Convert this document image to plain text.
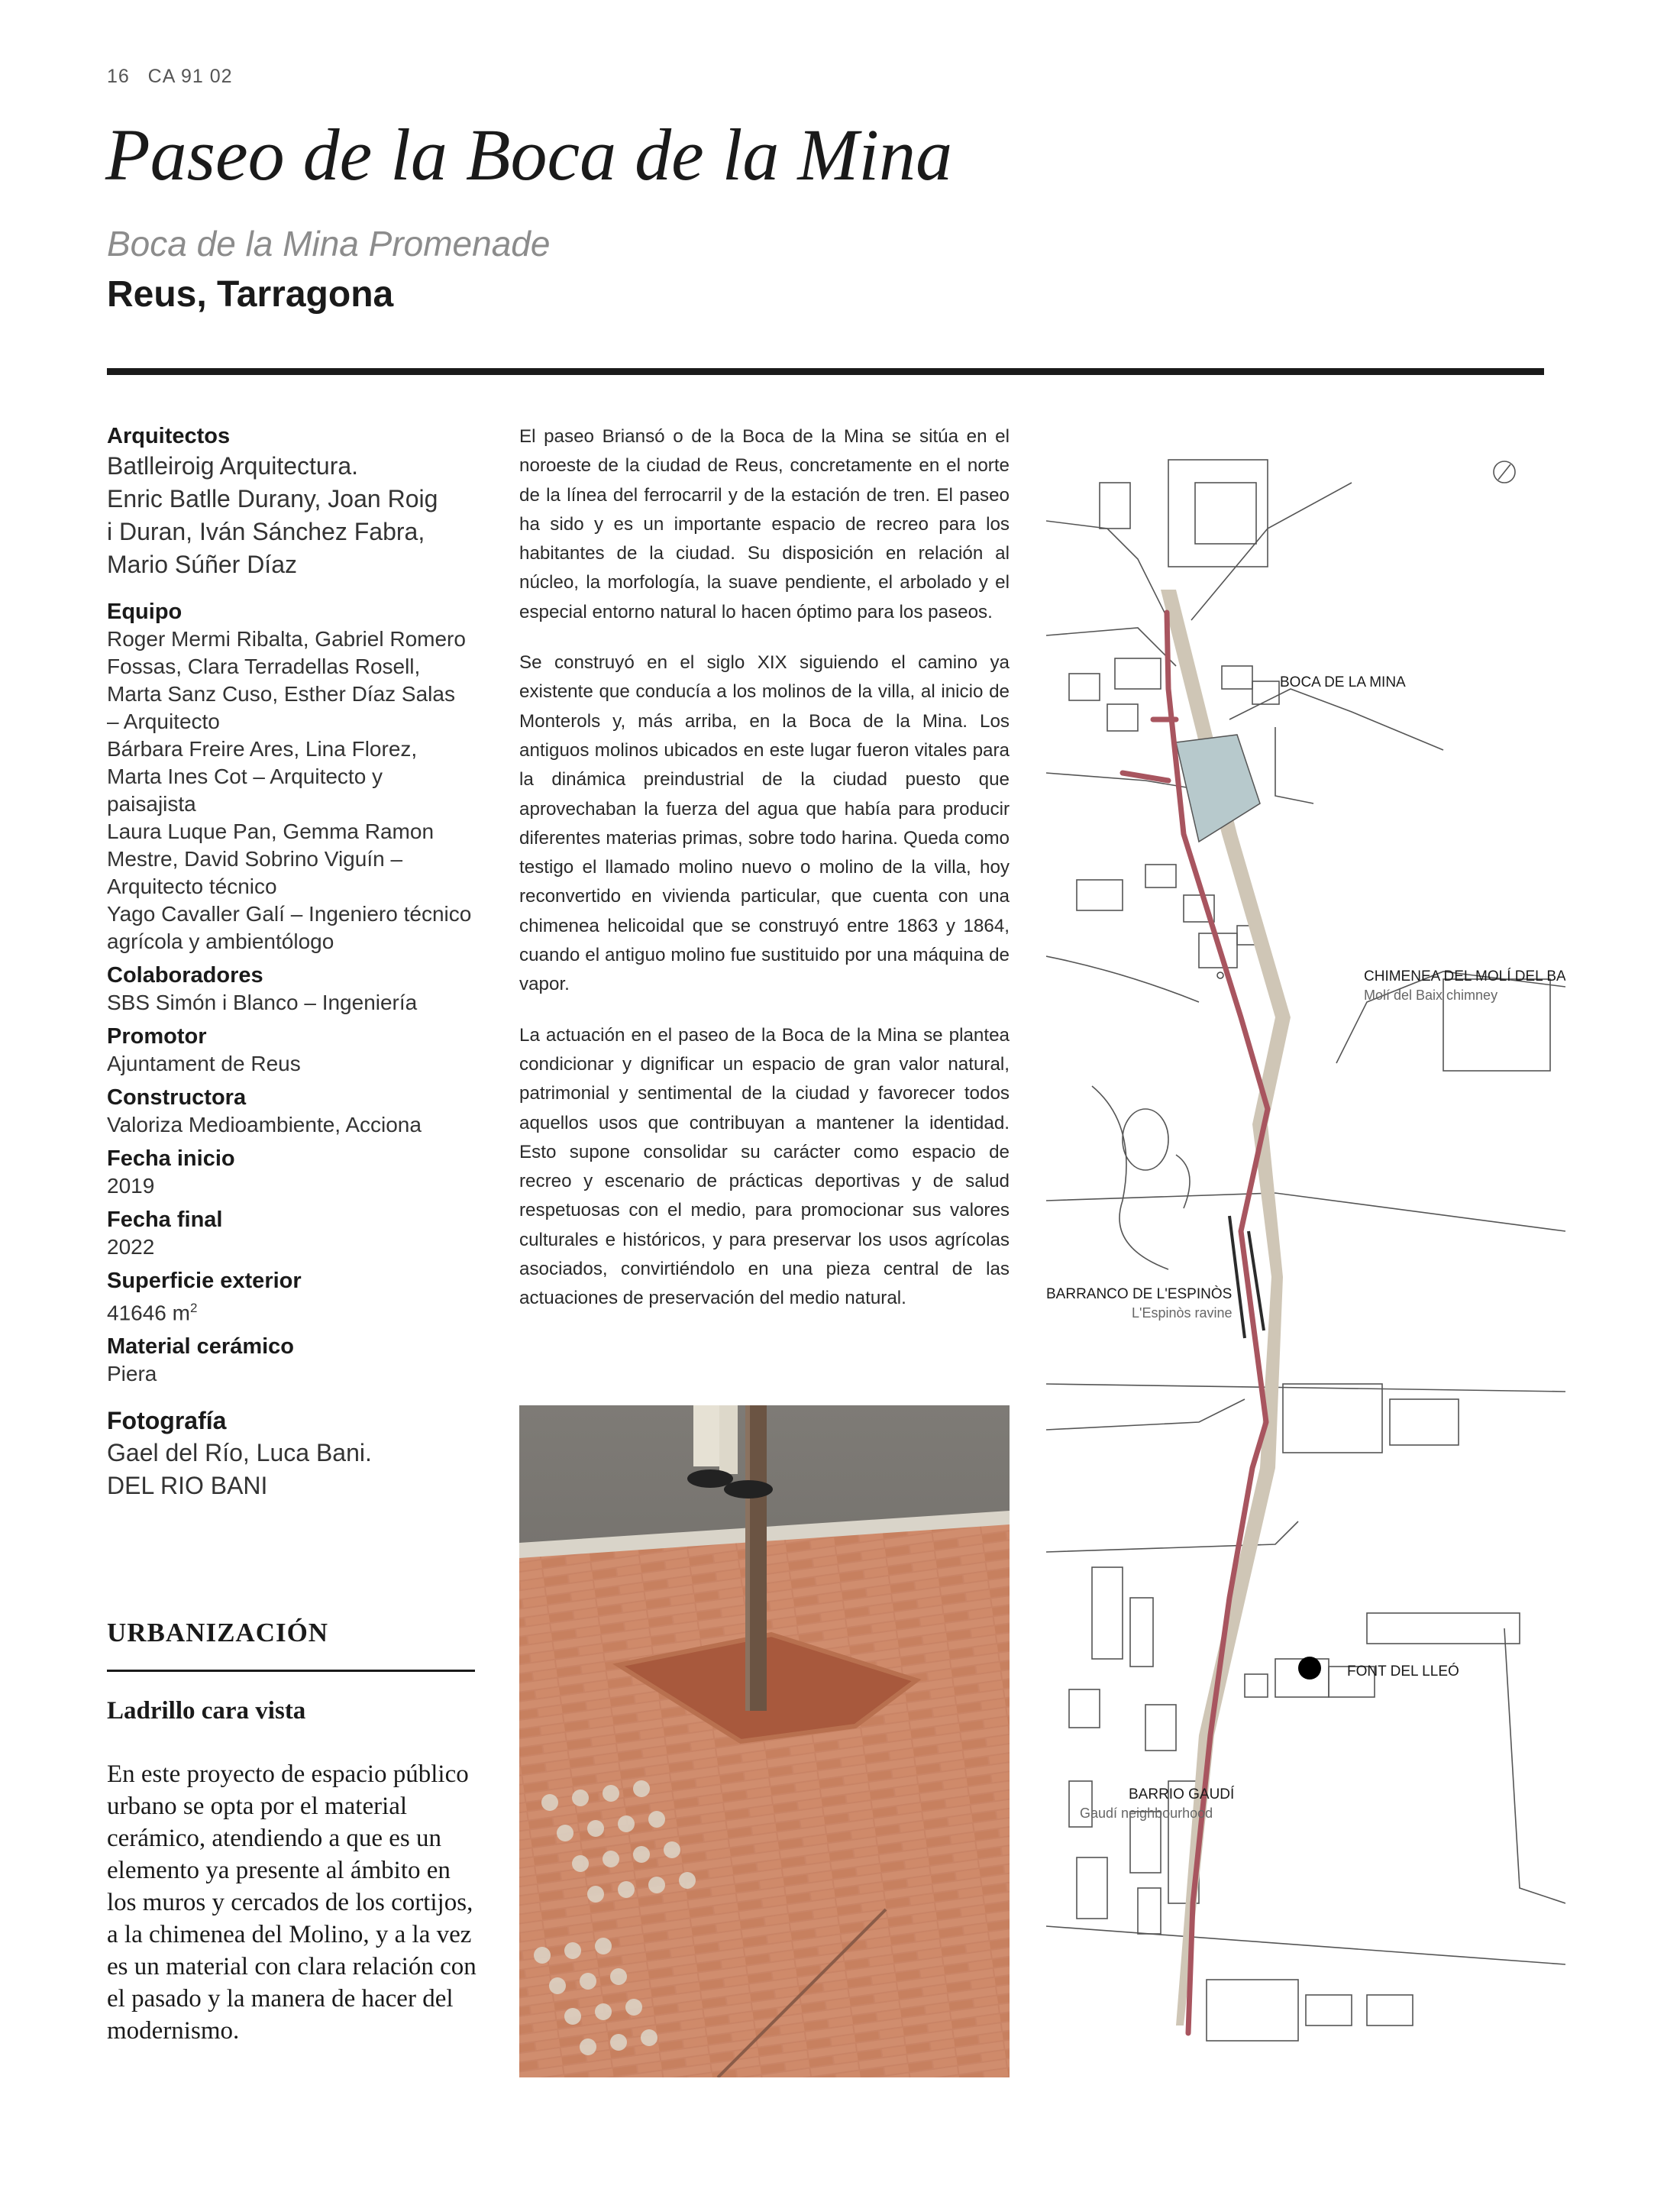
16 CA 91 02
Paseo de la Boca de la Mina
Boca de la Mina Promenade
Reus, Tarragona
Arquitectos
Batlleiroig Arquitectura.
Enric Batlle Durany, Joan Roig
i Duran, Iván Sánchez Fabra,
Mario Súñer Díaz
Equipo
Roger Mermi Ribalta, Gabriel Romero
Fossas, Clara Terradellas Rosell,
Marta Sanz Cuso, Esther Díaz Salas
– Arquitecto
Bárbara Freire Ares, Lina Florez,
Marta Ines Cot – Arquitecto y
paisajista
Laura Luque Pan, Gemma Ramon
Mestre, David Sobrino Viguín –
Arquitecto técnico
Yago Cavaller Galí – Ingeniero técnico
agrícola y ambientólogo
Colaboradores
SBS Simón i Blanco – Ingeniería
Promotor
Ajuntament de Reus
Constructora
Valoriza Medioambiente, Acciona
Fecha inicio
2019
Fecha final
2022
Superficie exterior
41646 $m^2$
Material cerámico
Piera
Fotografía
Gael del Río, Luca Bani.
DEL RIO BANI
URBANIZACIÓN
Ladrillo cara vista
En este proyecto de espacio público urbano se opta por el material cerámico, atendiendo a que es un elemento ya presente al ámbito en los muros y cercados de los cortijos, a la chimenea del Molino, y a la vez es un material con clara relación con el pasado y la manera de hacer del modernismo.

El paseo Briansó o de la Boca de la Mina se sitúa en el noroeste de la ciudad de Reus, concretamente en el norte de la línea del ferrocarril y de la estación de tren. El paseo ha sido y es un importante espacio de recreo para los habitantes de la ciudad. Su disposición en relación al núcleo, la morfología, la suave pendiente, el arbolado y el especial entorno natural lo hacen óptimo para los paseos.

Se construyó en el siglo XIX siguiendo el camino ya existente que conducía a los molinos de la villa, al inicio de Monterols y, más arriba, en la Boca de la Mina. Los antiguos molinos ubicados en este lugar fueron vitales para la dinámica preindustrial de la ciudad puesto que aprovechaban la fuerza del agua que había para producir diferentes materias primas, sobre todo harina. Queda como testigo el llamado molino nuevo o molino de la villa, hoy reconvertido en vivienda particular, que cuenta con una chimenea helicoidal que se construyó entre 1863 y 1864, cuando el antiguo molino fue sustituido por una máquina de vapor.

La actuación en el paseo de la Boca de la Mina se plantea condicionar y dignificar un espacio de gran valor natural, patrimonial y sentimental de la ciudad y favorecer todos aquellos usos que contribuyan a mantener la identidad. Esto supone consolidar su carácter como espacio de recreo y escenario de prácticas deportivas y de salud respetuosas con el medio, para promocionar sus valores culturales e históricos, y para preservar los usos agrícolas asociados, convirtiéndolo en una pieza central de las actuaciones de preservación del medio natural.

BOCA DE LA MINA
CHIMENEA DEL MOLÍ DEL BAIX
Molí del Baix chimney
BARRANCO DE L'ESPINÒS
L'Espinòs ravine
FONT DEL LLEÓ
BARRIO GAUDÍ
Gaudí neighbourhood
